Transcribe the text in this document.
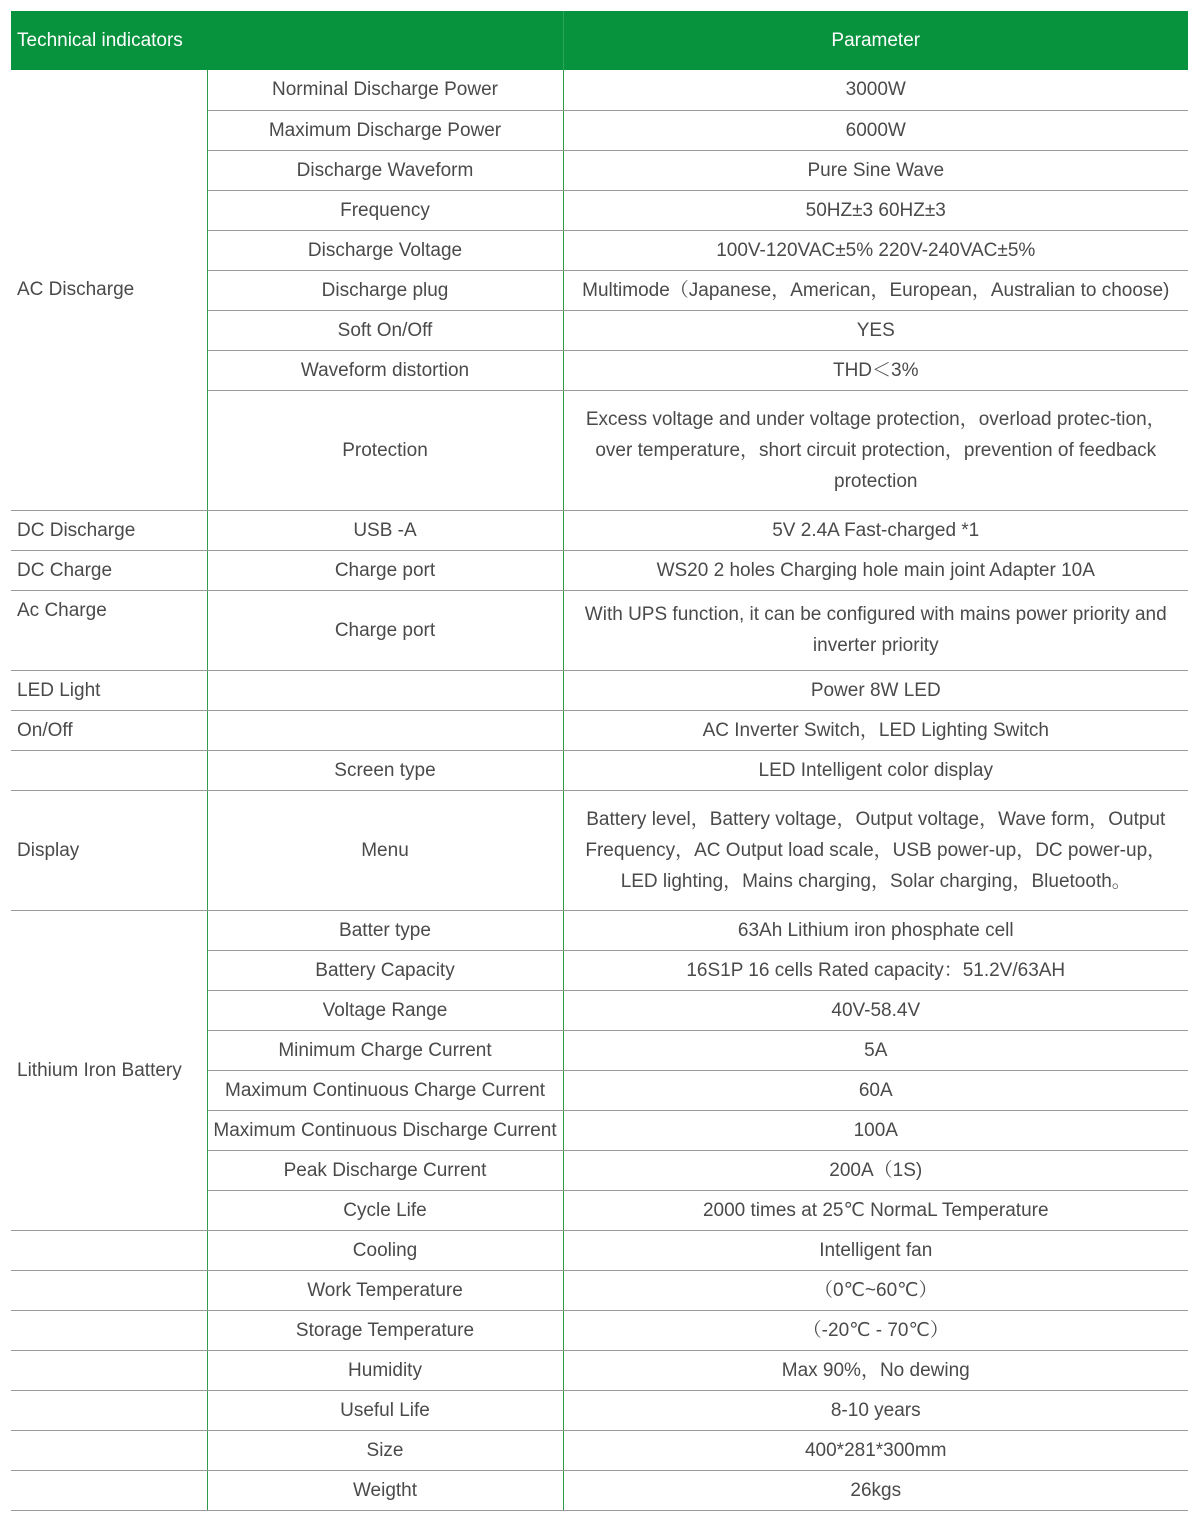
Technical indicators		Parameter
AC Discharge	Norminal Discharge Power	3000W
	Maximum Discharge Power	6000W
	Discharge Waveform	Pure Sine Wave
	Frequency	50HZ±3 60HZ±3
	Discharge Voltage	100V-120VAC±5% 220V-240VAC±5%
	Discharge plug	Multimode（Japanese，American，European，Australian to choose)
	Soft On/Off	YES
	Waveform distortion	THD＜3%
	Protection	Excess voltage and under voltage protection，overload protec-tion，over temperature，short circuit protection，prevention of feedback protection
DC Discharge	USB -A	5V 2.4A Fast-charged *1
DC Charge	Charge port	WS20 2 holes Charging hole main joint Adapter 10A
Ac Charge	Charge port	With UPS function, it can be configured with mains power priority and inverter priority
LED Light		Power 8W LED
On/Off		AC Inverter Switch，LED Lighting Switch
	Screen type	LED Intelligent color display
Display	Menu	Battery level，Battery voltage，Output voltage，Wave form，Output Frequency，AC Output load scale，USB power-up，DC power-up，LED lighting，Mains charging，Solar charging，Bluetooth。
Lithium Iron Battery	Batter type	63Ah Lithium iron phosphate cell
	Battery Capacity	16S1P 16 cells Rated capacity：51.2V/63AH
	Voltage Range	40V-58.4V
	Minimum Charge Current	5A
	Maximum Continuous Charge Current	60A
	Maximum Continuous Discharge Current	100A
	Peak Discharge Current	200A（1S)
	Cycle Life	2000 times at 25℃ NormaL Temperature
	Cooling	Intelligent fan
	Work Temperature	（0℃~60℃）
	Storage Temperature	（-20℃ - 70℃）
	Humidity	Max 90%，No dewing
	Useful Life	8-10 years
	Size	400*281*300mm
	Weigtht	26kgs
